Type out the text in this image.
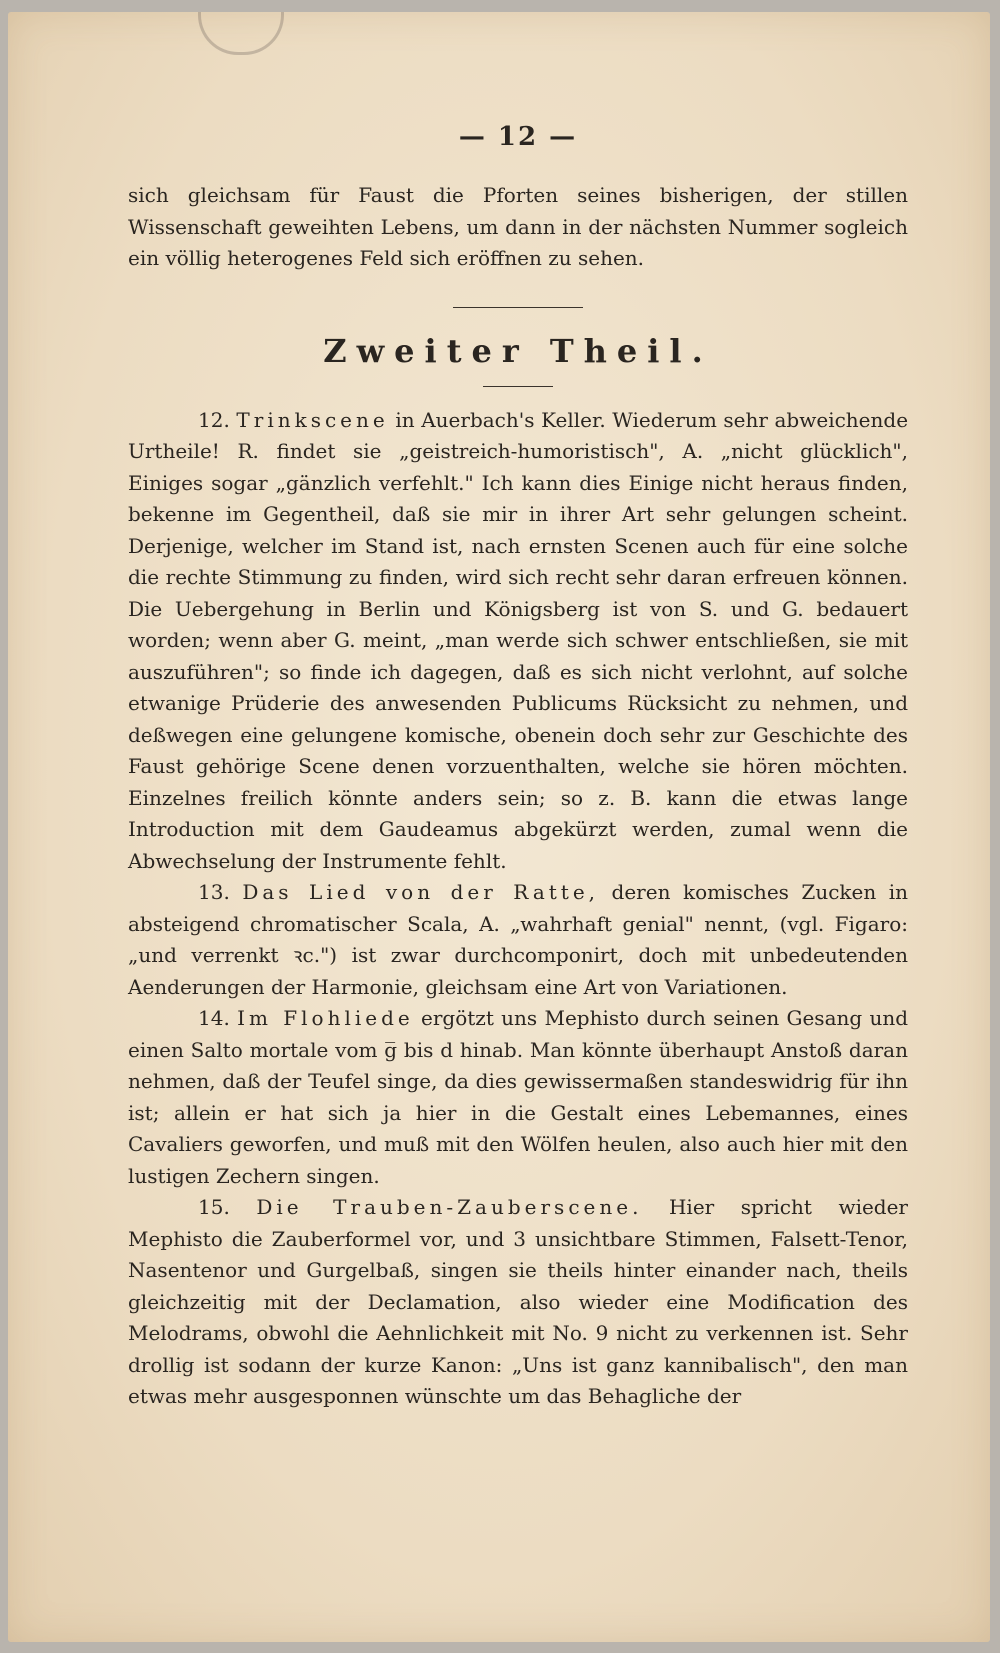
— 12 —

sich gleichsam für Faust die Pforten seines bisherigen, der stillen Wissenschaft geweihten Lebens, um dann in der nächsten Nummer sogleich ein völlig heterogenes Feld sich eröffnen zu sehen.

Zweiter Theil.

12. Trinkscene in Auerbach's Keller. Wiederum sehr abweichende Urtheile! R. findet sie „geistreich-humoristisch", A. „nicht glücklich", Einiges sogar „gänzlich verfehlt." Ich kann dies Einige nicht heraus finden, bekenne im Gegentheil, daß sie mir in ihrer Art sehr gelungen scheint. Derjenige, welcher im Stand ist, nach ernsten Scenen auch für eine solche die rechte Stimmung zu finden, wird sich recht sehr daran erfreuen können. Die Uebergehung in Berlin und Königsberg ist von S. und G. bedauert worden; wenn aber G. meint, „man werde sich schwer entschließen, sie mit auszuführen"; so finde ich dagegen, daß es sich nicht verlohnt, auf solche etwanige Prüderie des anwesenden Publicums Rücksicht zu nehmen, und deßwegen eine gelungene komische, obenein doch sehr zur Geschichte des Faust gehörige Scene denen vorzuenthalten, welche sie hören möchten. Einzelnes freilich könnte anders sein; so z. B. kann die etwas lange Introduction mit dem Gaudeamus abgekürzt werden, zumal wenn die Abwechselung der Instrumente fehlt.

13. Das Lied von der Ratte, deren komisches Zucken in absteigend chromatischer Scala, A. „wahrhaft genial" nennt, (vgl. Figaro: „und verrenkt ꝛc.") ist zwar durchcomponirt, doch mit unbedeutenden Aenderungen der Harmonie, gleichsam eine Art von Variationen.

14. Im Flohliede ergötzt uns Mephisto durch seinen Gesang und einen Salto mortale vom g̅ bis d hinab. Man könnte überhaupt Anstoß daran nehmen, daß der Teufel singe, da dies gewissermaßen standeswidrig für ihn ist; allein er hat sich ja hier in die Gestalt eines Lebemannes, eines Cavaliers geworfen, und muß mit den Wölfen heulen, also auch hier mit den lustigen Zechern singen.

15. Die Trauben-Zauberscene. Hier spricht wieder Mephisto die Zauberformel vor, und 3 unsichtbare Stimmen, Falsett-Tenor, Nasentenor und Gurgelbaß, singen sie theils hinter einander nach, theils gleichzeitig mit der Declamation, also wieder eine Modification des Melodrams, obwohl die Aehnlichkeit mit No. 9 nicht zu verkennen ist. Sehr drollig ist sodann der kurze Kanon: „Uns ist ganz kannibalisch", den man etwas mehr ausgesponnen wünschte um das Behagliche der
